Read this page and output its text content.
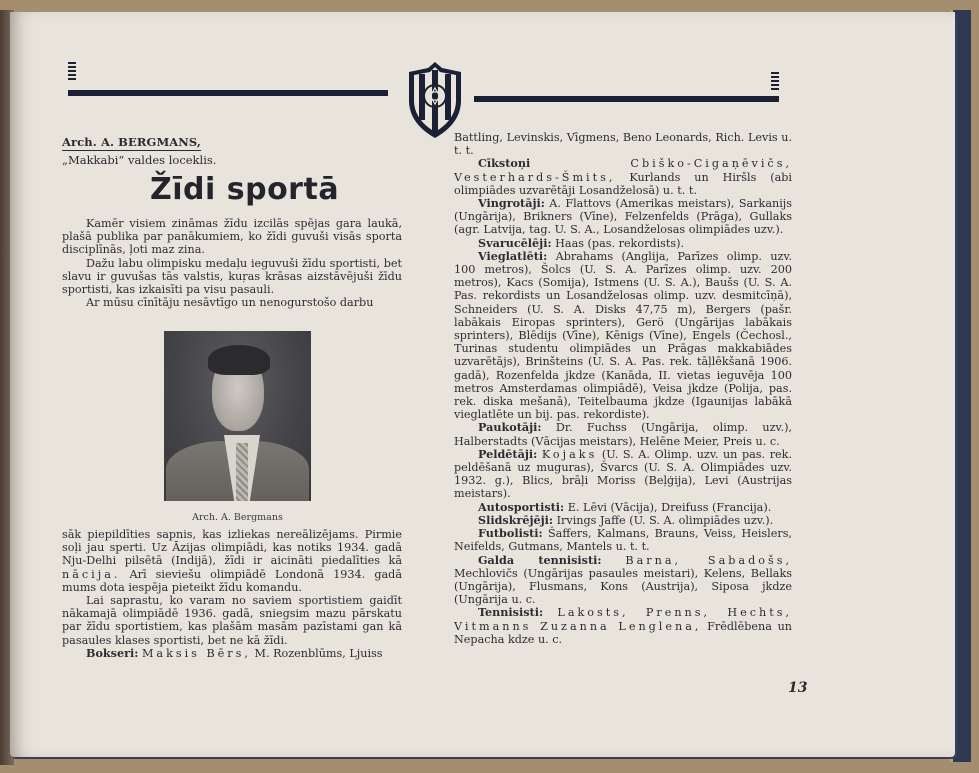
Arch. A. BERGMANS,
„Makkabi“ valdes loceklis.
Žīdi sportā

Kamēr visiem zināmas žīdu izcilās spējas gara laukā, plašā publika par panākumiem, ko žīdi guvuši visās sporta disciplīnās, ļoti maz zina.

Dažu labu olimpisku medaļu ieguvuši žīdu sportisti, bet slavu ir guvušas tās valstis, kuŗas krāsas aizstāvējuši žīdu sportisti, kas izkaisīti pa visu pasauli.

Ar mūsu cīnītāju nesāvtīgo un nenogurstošo darbu

Arch. A. Bergmans

sāk piepildīties sapnis, kas izliekas nereālizējams. Pirmie soļi jau sperti. Uz Āzijas olimpiādi, kas notiks 1934. gadā Nju-Delhi pilsētā (Indijā), žīdi ir aicināti piedalīties kā nācija. Arī sieviešu olimpiādē Londonā 1934. gadā mums dota iespēja pieteikt žīdu komandu.

Lai saprastu, ko varam no saviem sportistiem gaidīt nākamajā olimpiādē 1936. gadā, sniegsim mazu pārskatu par žīdu sportistiem, kas plašām masām pazīstami gan kā pasaules klases sportisti, bet ne kā žīdi.

Bokseri: Maksis Bērs, M. Rozenblūms, Ljuiss

Battling, Levinskis, Vīgmens, Beno Leonards, Rich. Levis u. t. t.

Cīkstoņi	Cbiško-Cigaņēvičs, Vesterhards-Šmits, Kurlands un Hiršls (abi olimpiādes uzvarētāji Losandželosā) u. t. t.

Vingrotāji: A. Flattovs (Amerikas meistars), Sarkanijs (Ungārija), Brikners (Vīne), Felzenfelds (Prāga), Gullaks (agr. Latvija, tag. U. S. A., Losandželosas olimpiādes uzv.).

Svarucēlēji: Haas (pas. rekordists).

Vieglatlēti: Abrahams (Anglija, Parīzes olimp. uzv. 100 metros), Šolcs (U. S. A. Parīzes olimp. uzv. 200 metros), Kacs (Somija), Istmens (U. S. A.), Baušs (U. S. A. Pas. rekordists un Losandželosas olimp. uzv. desmitcīņā), Schneiders (U. S. A. Disks 47,75 m), Bergers (pašr. labākais Eiropas sprinters), Gerö (Ungārijas labākais sprinters), Blēdijs (Vīne), Kēnigs (Vīne), Engels (Čechosl., Turinas studentu olimpiādes un Prāgas makkabiādes uzvarētājs), Brinšteins (U. S. A. Pas. rek. tāļlēkšanā 1906. gadā), Rozenfelda jkdze (Kanāda, II. vietas ieguvēja 100 metros Amsterdamas olimpiādē), Veisa jkdze (Polija, pas. rek. diska mešanā), Teitelbauma jkdze (Igaunijas labākā vieglatlēte un bij. pas. rekordiste).

Paukotāji: Dr. Fuchss (Ungārija, olimp. uzv.), Halberstadts (Vācijas meistars), Helēne Meier, Preis u. c.

Peldētāji: Kojaks (U. S. A. Olimp. uzv. un pas. rek. peldēšanā uz muguras), Švarcs (U. S. A. Olimpiādes uzv. 1932. g.), Blics, brāļi Moriss (Beļģija), Levi (Austrijas meistars).

Autosportisti: E. Lēvi (Vācija), Dreifuss (Francija).

Slidskrējēji: Irvings Jaffe (U. S. A. olimpiādes uzv.).

Futbolisti: Šaffers, Kalmans, Brauns, Veiss, Heislers, Neifelds, Gutmans, Mantels u. t. t.

Galda tennisisti: Barna, Sabadošs, Mechlovičs (Ungārijas pasaules meistari), Kelens, Bellaks (Ungārija), Flusmans, Kons (Austrija), Siposa jkdze (Ungārija u. c.

Tennisisti: Lakosts, Prenns, Hechts, Vitmanns Zuzanna Lenglena, Frēdlēbena un Nepacha kdze u. c.

13
